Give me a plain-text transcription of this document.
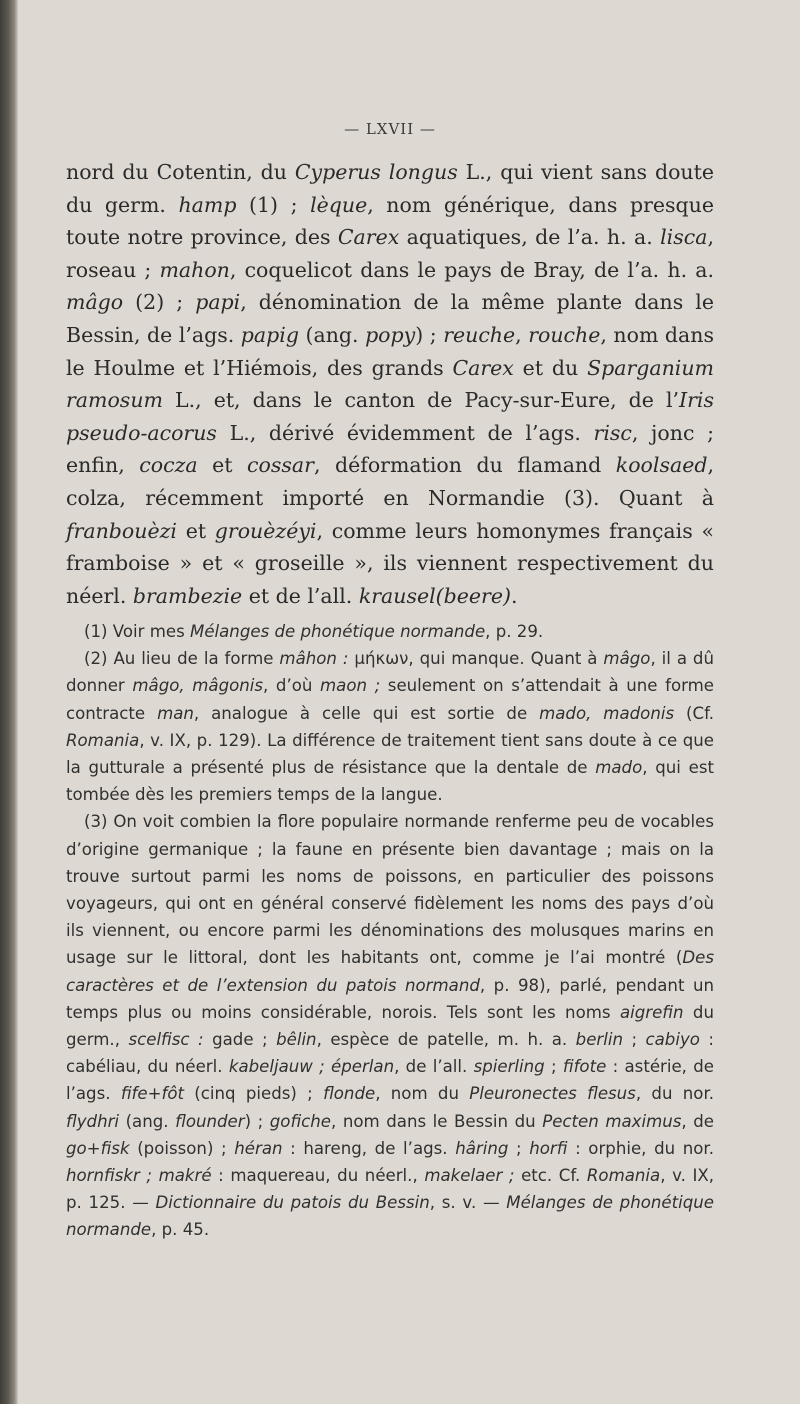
— LXVII —

nord du Cotentin, du Cyperus longus L., qui vient sans doute du germ. hamp (1) ; lèque, nom générique, dans presque toute notre province, des Carex aquatiques, de l’a. h. a. lisca, roseau ; mahon, coquelicot dans le pays de Bray, de l’a. h. a. mâgo (2) ; papi, dénomination de la même plante dans le Bessin, de l’ags. papig (ang. popy) ; reuche, rouche, nom dans le Houlme et l’Hiémois, des grands Carex et du Sparganium ramosum L., et, dans le canton de Pacy-sur-Eure, de l’Iris pseudo-acorus L., dérivé évidemment de l’ags. risc, jonc ; enfin, cocza et cossar, déformation du flamand koolsaed, colza, récemment importé en Normandie (3). Quant à franbouèzi et grouèzéyi, comme leurs homonymes français « framboise » et « groseille », ils viennent respectivement du néerl. brambezie et de l’all. krausel(beere).

(1) Voir mes Mélanges de phonétique normande, p. 29.

(2) Au lieu de la forme mâhon : μήκων, qui manque. Quant à mâgo, il a dû donner mâgo, mâgonis, d’où maon ; seulement on s’attendait à une forme contracte man, analogue à celle qui est sortie de mado, madonis (Cf. Romania, v. IX, p. 129). La différence de traitement tient sans doute à ce que la gutturale a présenté plus de résistance que la dentale de mado, qui est tombée dès les premiers temps de la langue.

(3) On voit combien la flore populaire normande renferme peu de vocables d’origine germanique ; la faune en présente bien davantage ; mais on la trouve surtout parmi les noms de poissons, en particulier des poissons voyageurs, qui ont en général conservé fidèlement les noms des pays d’où ils viennent, ou encore parmi les dénominations des molusques marins en usage sur le littoral, dont les habitants ont, comme je l’ai montré (Des caractères et de l’extension du patois normand, p. 98), parlé, pendant un temps plus ou moins considérable, norois. Tels sont les noms aigrefin du germ., scelfisc : gade ; bêlin, espèce de patelle, m. h. a. berlin ; cabiyo : cabéliau, du néerl. kabeljauw ; éperlan, de l’all. spierling ; fifote : astérie, de l’ags. fife+fôt (cinq pieds) ; flonde, nom du Pleuronectes flesus, du nor. flydhri (ang. flounder) ; gofiche, nom dans le Bessin du Pecten maximus, de go+fisk (poisson) ; héran : hareng, de l’ags. hâring ; horfi : orphie, du nor. hornfiskr ; makré : maquereau, du néerl., makelaer ; etc. Cf. Romania, v. IX, p. 125. — Dictionnaire du patois du Bessin, s. v. — Mélanges de phonétique normande, p. 45.
